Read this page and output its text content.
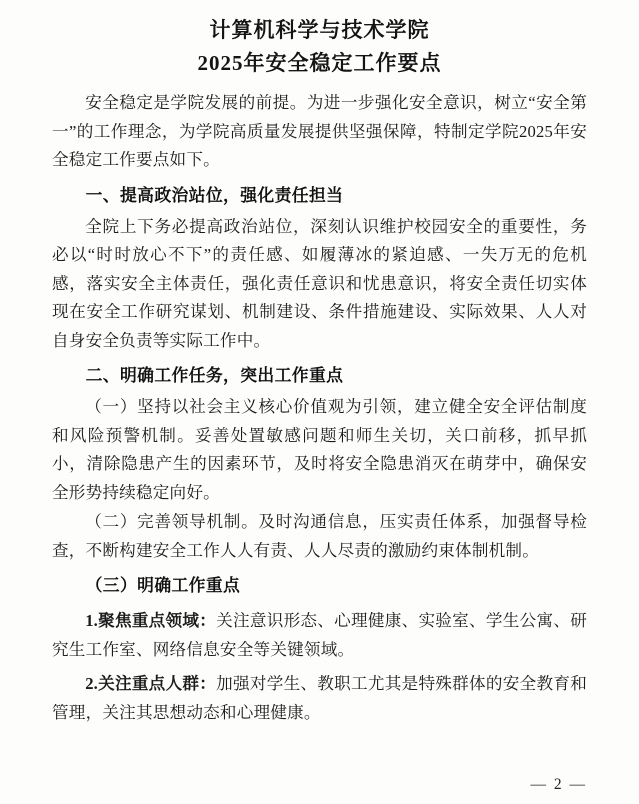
计算机科学与技术学院
2025年安全稳定工作要点

安全稳定是学院发展的前提。为进一步强化安全意识，树立“安全第一”的工作理念，为学院高质量发展提供坚强保障，特制定学院2025年安全稳定工作要点如下。

一、提高政治站位，强化责任担当

全院上下务必提高政治站位，深刻认识维护校园安全的重要性，务必以“时时放心不下”的责任感、如履薄冰的紧迫感、一失万无的危机感，落实安全主体责任，强化责任意识和忧患意识，将安全责任切实体现在安全工作研究谋划、机制建设、条件措施建设、实际效果、人人对自身安全负责等实际工作中。

二、明确工作任务，突出工作重点

（一）坚持以社会主义核心价值观为引领，建立健全安全评估制度和风险预警机制。妥善处置敏感问题和师生关切，关口前移，抓早抓小，清除隐患产生的因素环节，及时将安全隐患消灭在萌芽中，确保安全形势持续稳定向好。

（二）完善领导机制。及时沟通信息，压实责任体系，加强督导检查，不断构建安全工作人人有责、人人尽责的激励约束体制机制。

（三）明确工作重点

1.聚焦重点领域：关注意识形态、心理健康、实验室、学生公寓、研究生工作室、网络信息安全等关键领域。

2.关注重点人群：加强对学生、教职工尤其是特殊群体的安全教育和管理，关注其思想动态和心理健康。

— 2 —
